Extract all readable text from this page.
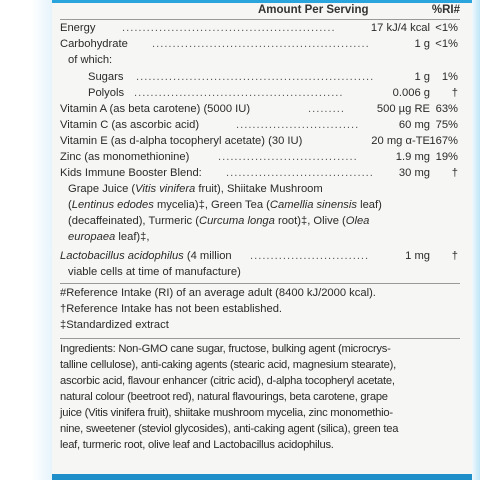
Amount Per Serving	%RI#
Energy ....................................................	17 kJ/4 kcal <1%
Carbohydrate .....................................................	1 g <1%
of which:
Sugars ..........................................................	1 g 1%
Polyols ...................................................	0.006 g †
Vitamin A (as beta carotene) (5000 IU)	.........	500 µg RE 63%
Vitamin C (as ascorbic acid)	..............................	60 mg 75%
Vitamin E (as d-alpha tocopheryl acetate) (30 IU)	20 mg α-TE 167%
Zinc (as monomethionine)	..................................	1.9 mg 19%
Kids Immune Booster Blend: ....................................	30 mg †
Grape Juice (Vitis vinifera fruit), Shiitake Mushroom
(Lentinus edodes mycelia)‡, Green Tea (Camellia sinensis leaf)
(decaffeinated), Turmeric (Curcuma longa root)‡, Olive (Olea
europaea leaf)‡,
Lactobacillus acidophilus (4 million .............................	1 mg †
viable cells at time of manufacture)
#Reference Intake (RI) of an average adult (8400 kJ/2000 kcal).
†Reference Intake has not been established.
‡Standardized extract
Ingredients: Non-GMO cane sugar, fructose, bulking agent (microcrys-
talline cellulose), anti-caking agents (stearic acid, magnesium stearate),
ascorbic acid, flavour enhancer (citric acid), d-alpha tocopheryl acetate,
natural colour (beetroot red), natural flavourings, beta carotene, grape
juice (Vitis vinifera fruit), shiitake mushroom mycelia, zinc monomethio-
nine, sweetener (steviol glycosides), anti-caking agent (silica), green tea
leaf, turmeric root, olive leaf and Lactobacillus acidophilus.
